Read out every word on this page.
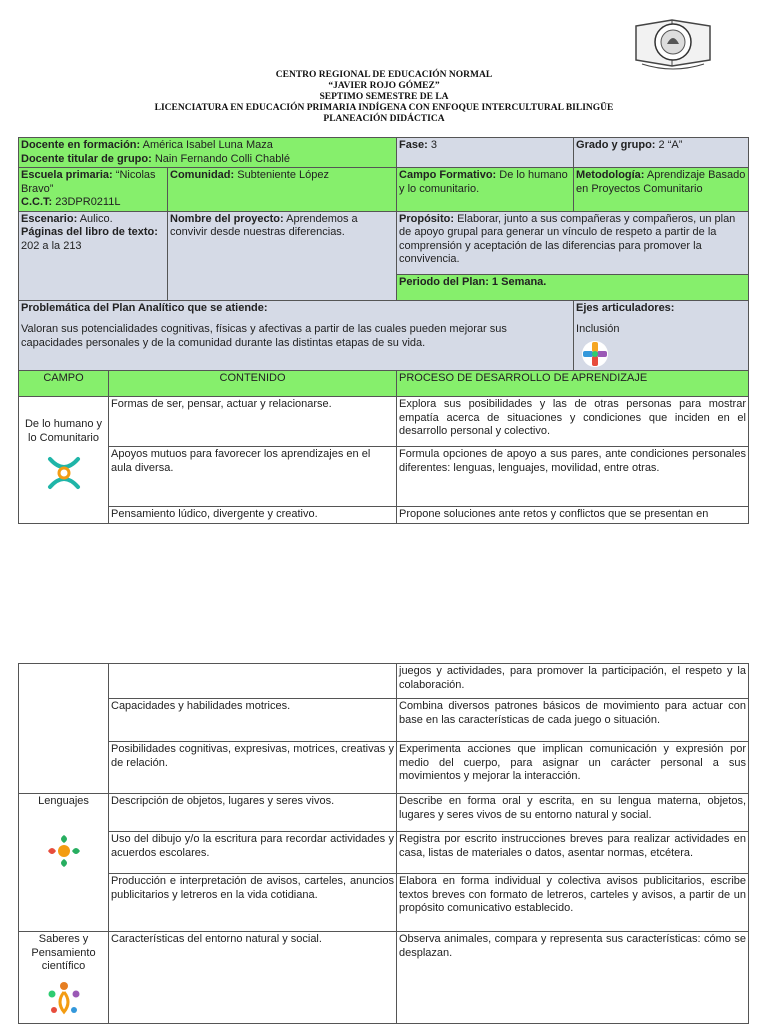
CENTRO REGIONAL DE EDUCACIÓN NORMAL
“JAVIER ROJO GÓMEZ”
SEPTIMO SEMESTRE DE LA
LICENCIATURA EN EDUCACIÓN PRIMARIA INDÍGENA CON ENFOQUE INTERCULTURAL BILINGÜE
PLANEACIÓN DIDÁCTICA
Docente en formación: América Isabel Luna Maza
Docente titular de grupo: Nain Fernando Colli Chablé		Fase: 3	Grado y grupo: 2 “A”
Escuela primaria: “Nicolas Bravo”
C.C.T: 23DPR0211L	Comunidad: Subteniente López	Campo Formativo: De lo humano y lo comunitario.	Metodología: Aprendizaje Basado en Proyectos Comunitario
Escenario: Aulico.
Páginas del libro de texto: 202 a la 213	Nombre del proyecto: Aprendemos a convivir desde nuestras diferencias.	Propósito: Elaborar, junto a sus compañeras y compañeros, un plan de apoyo grupal para generar un vínculo de respeto a partir de la comprensión y aceptación de las diferencias para promover la convivencia.	
		Periodo del Plan: 1 Semana.	
Problemática del Plan Analítico que se atiende:
Valoran sus potencialidades cognitivas, físicas y afectivas a partir de las cuales pueden mejorar sus capacidades personales y de la comunidad durante las distintas etapas de su vida.			Ejes articuladores:
Inclusión
CAMPO	CONTENIDO	PROCESO DE DESARROLLO DE APRENDIZAJE

De lo humano y lo Comunitario	Formas de ser, pensar, actuar y relacionarse.	Explora sus posibilidades y las de otras personas para mostrar empatía acerca de situaciones y condiciones que inciden en el desarrollo personal y colectivo.
	Apoyos mutuos para favorecer los aprendizajes en el aula diversa.	Formula opciones de apoyo a sus pares, ante condiciones personales diferentes: lenguas, lenguajes, movilidad, entre otras.
	Pensamiento lúdico, divergente y creativo.	Propone soluciones ante retos y conflictos que se presentan en
		juegos y actividades, para promover la participación, el respeto y la colaboración.
	Capacidades y habilidades motrices.	Combina diversos patrones básicos de movimiento para actuar con base en las características de cada juego o situación.
	Posibilidades cognitivas, expresivas, motrices, creativas y de relación.	Experimenta acciones que implican comunicación y expresión por medio del cuerpo, para asignar un carácter personal a sus movimientos y mejorar la interacción.

Lenguajes	Descripción de objetos, lugares y seres vivos.	Describe en forma oral y escrita, en su lengua materna, objetos, lugares y seres vivos de su entorno natural y social.
	Uso del dibujo y/o la escritura para recordar actividades y acuerdos escolares.	Registra por escrito instrucciones breves para realizar actividades en casa, listas de materiales o datos, asentar normas, etcétera.
	Producción e interpretación de avisos, carteles, anuncios publicitarios y letreros en la vida cotidiana.	Elabora en forma individual y colectiva avisos publicitarios, escribe textos breves con formato de letreros, carteles y avisos, a partir de un propósito comunicativo establecido.

Saberes y Pensamiento científico	Características del entorno natural y social.	Observa animales, compara y representa sus características: cómo se desplazan.
